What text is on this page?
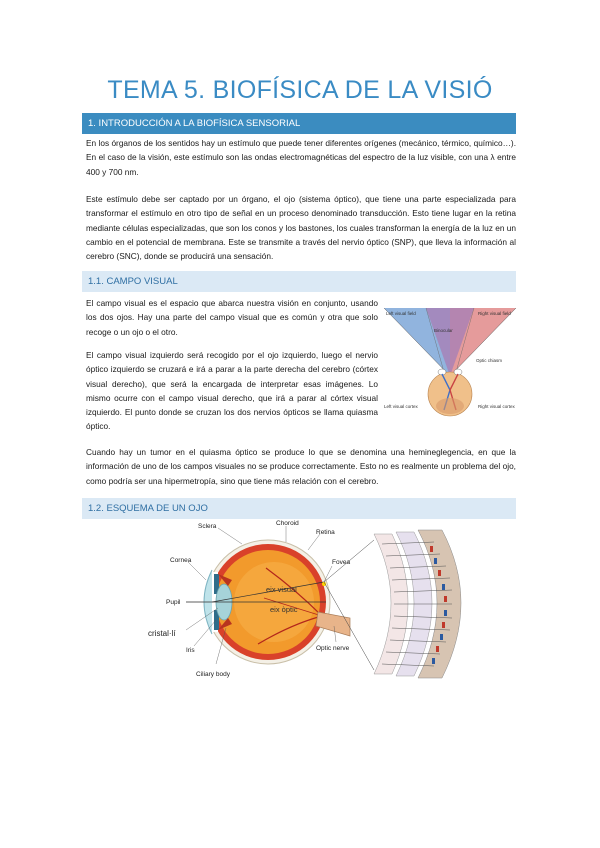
TEMA 5. BIOFÍSICA DE LA VISIÓ
1. INTRODUCCIÓN A LA BIOFÍSICA SENSORIAL

En los órganos de los sentidos hay un estímulo que puede tener diferentes orígenes (mecánico, térmico, químico…). En el caso de la visión, este estímulo son las ondas electromagnéticas del espectro de la luz visible, con una λ entre 400 y 700 nm.

Este estímulo debe ser captado por un órgano, el ojo (sistema óptico), que tiene una parte especializada para transformar el estímulo en otro tipo de señal en un proceso denominado transducción. Esto tiene lugar en la retina mediante células especializadas, que son los conos y los bastones, los cuales transforman la energía de la luz en un cambio en el potencial de membrana. Este se transmite a través del nervio óptico (SNP), que lleva la información al cerebro (SNC), donde se producirá una sensación.

1.1. CAMPO VISUAL

El campo visual es el espacio que abarca nuestra visión en conjunto, usando los dos ojos. Hay una parte del campo visual que es común y otra que solo recoge o un ojo o el otro.

El campo visual izquierdo será recogido por el ojo izquierdo, luego el nervio óptico izquierdo se cruzará e irá a parar a la parte derecha del cerebro (córtex visual derecho), que será la encargada de interpretar esas imágenes. Lo mismo ocurre con el campo visual derecho, que irá a parar al córtex visual izquierdo. El punto donde se cruzan los dos nervios ópticos se llama quiasma óptico.

Left visual field	Right visual field
Binocular
Optic chiasm
Left visual cortex	Right visual cortex

Cuando hay un tumor en el quiasma óptico se produce lo que se denomina una hemineglegencia, en que la información de uno de los campos visuales no se produce correctamente. Esto no es realmente un problema del ojo, como podría ser una hipermetropía, sino que tiene más relación con el cerebro.

1.2. ESQUEMA DE UN OJO
Sclera	Choroid
Retina
Cornea
Pupil
cristal·lí
Iris
Ciliary body
Fovea
Optic nerve
eix visual
eix òptic
